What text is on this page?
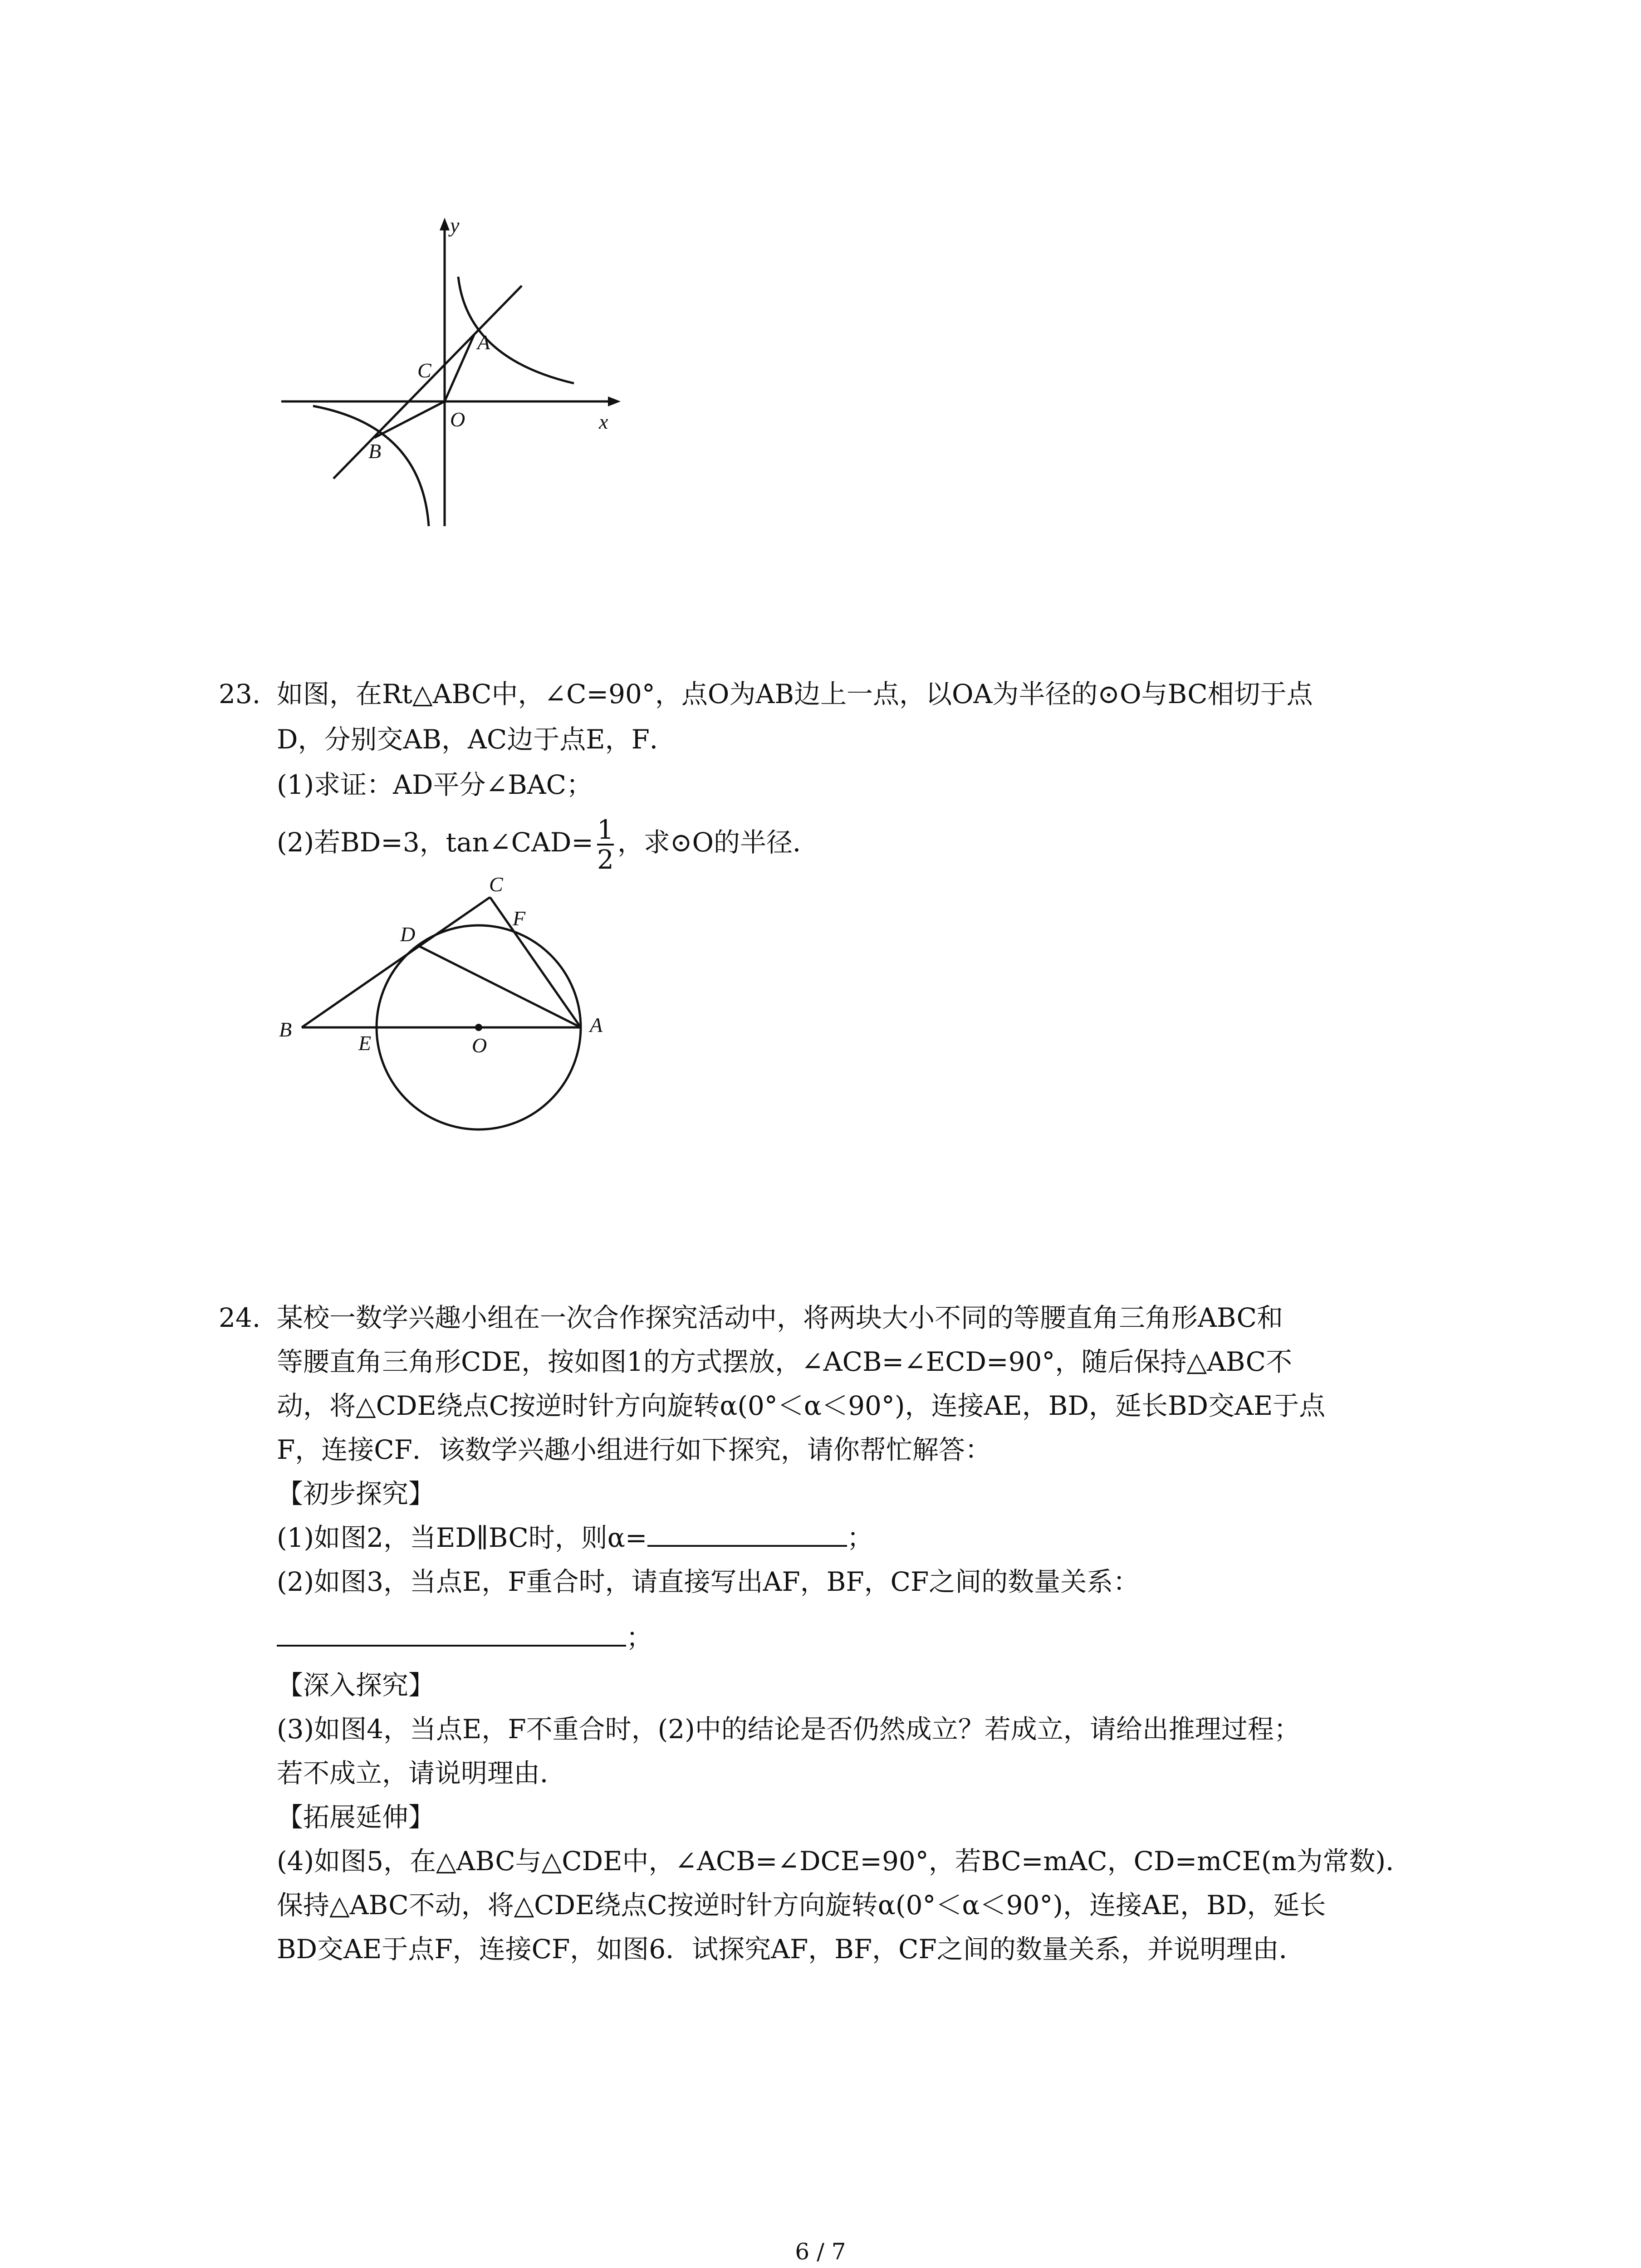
y
x
A
B
C
O
23. 如图，在Rt△ABC中，∠C=90°，点O为AB边上一点，以OA为半径的⊙O与BC相切于点
D，分别交AB，AC边于点E，F．
(1)求证：AD平分∠BAC；
(2)若BD=3，tan∠CAD= $\frac{1}{2}$ ，求⊙O的半径．
C
F
D
B
E	O
A
24. 某校一数学兴趣小组在一次合作探究活动中，将两块大小不同的等腰直角三角形ABC和
等腰直角三角形CDE，按如图1的方式摆放，∠ACB=∠ECD=90°，随后保持△ABC不
动，将△CDE绕点C按逆时针方向旋转α(0°＜α＜90°)，连接AE，BD，延长BD交AE于点
F，连接CF．该数学兴趣小组进行如下探究，请你帮忙解答：
【初步探究】
(1)如图2，当ED∥BC时，则α=	；
(2)如图3，当点E，F重合时，请直接写出AF，BF，CF之间的数量关系：
；
【深入探究】
(3)如图4，当点E，F不重合时，(2)中的结论是否仍然成立？若成立，请给出推理过程；
若不成立，请说明理由．
【拓展延伸】
(4)如图5，在△ABC与△CDE中，∠ACB=∠DCE=90°，若BC=mAC，CD=mCE(m为常数)．
保持△ABC不动，将△CDE绕点C按逆时针方向旋转α(0°＜α＜90°)，连接AE，BD，延长
BD交AE于点F，连接CF，如图6．试探究AF，BF，CF之间的数量关系，并说明理由．
6 / 7
